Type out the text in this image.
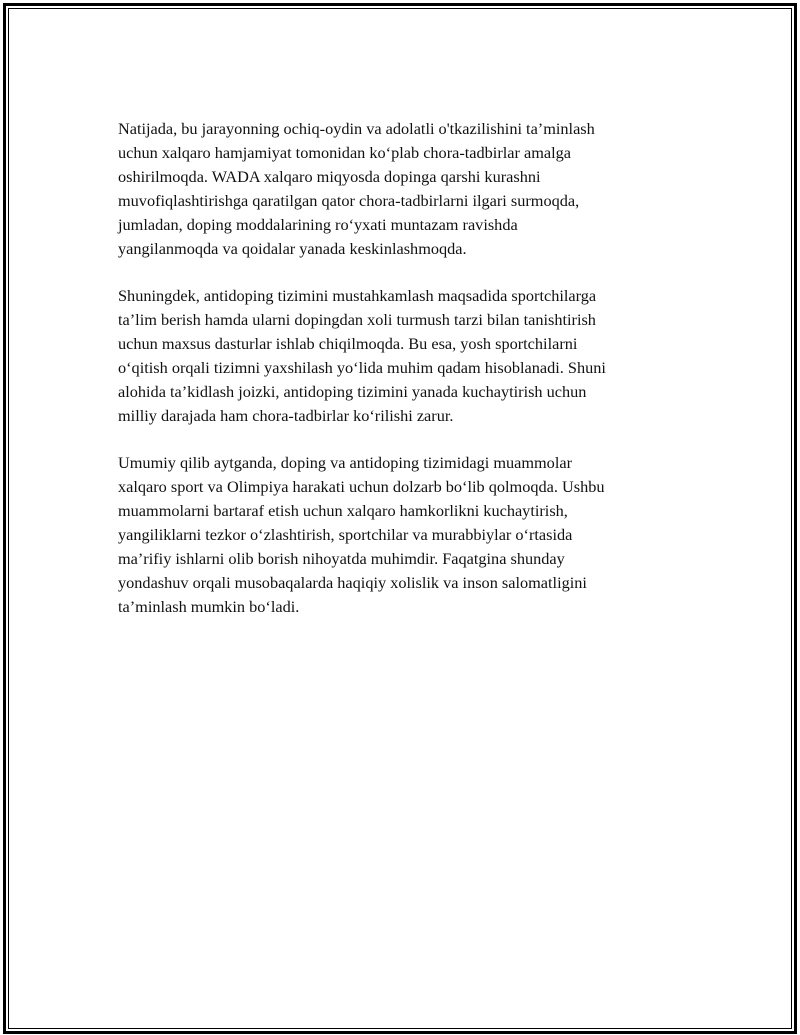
Natijada, bu jarayonning ochiq-oydin va adolatli o'tkazilishini ta’minlash
uchun xalqaro hamjamiyat tomonidan ko‘plab chora-tadbirlar amalga
oshirilmoqda. WADA xalqaro miqyosda dopinga qarshi kurashni
muvofiqlashtirishga qaratilgan qator chora-tadbirlarni ilgari surmoqda,
jumladan, doping moddalarining ro‘yxati muntazam ravishda
yangilanmoqda va qoidalar yanada keskinlashmoqda.

Shuningdek, antidoping tizimini mustahkamlash maqsadida sportchilarga
ta’lim berish hamda ularni dopingdan xoli turmush tarzi bilan tanishtirish
uchun maxsus dasturlar ishlab chiqilmoqda. Bu esa, yosh sportchilarni
o‘qitish orqali tizimni yaxshilash yo‘lida muhim qadam hisoblanadi. Shuni
alohida ta’kidlash joizki, antidoping tizimini yanada kuchaytirish uchun
milliy darajada ham chora-tadbirlar ko‘rilishi zarur.

Umumiy qilib aytganda, doping va antidoping tizimidagi muammolar
xalqaro sport va Olimpiya harakati uchun dolzarb bo‘lib qolmoqda. Ushbu
muammolarni bartaraf etish uchun xalqaro hamkorlikni kuchaytirish,
yangiliklarni tezkor o‘zlashtirish, sportchilar va murabbiylar o‘rtasida
ma’rifiy ishlarni olib borish nihoyatda muhimdir. Faqatgina shunday
yondashuv orqali musobaqalarda haqiqiy xolislik va inson salomatligini
ta’minlash mumkin bo‘ladi.
